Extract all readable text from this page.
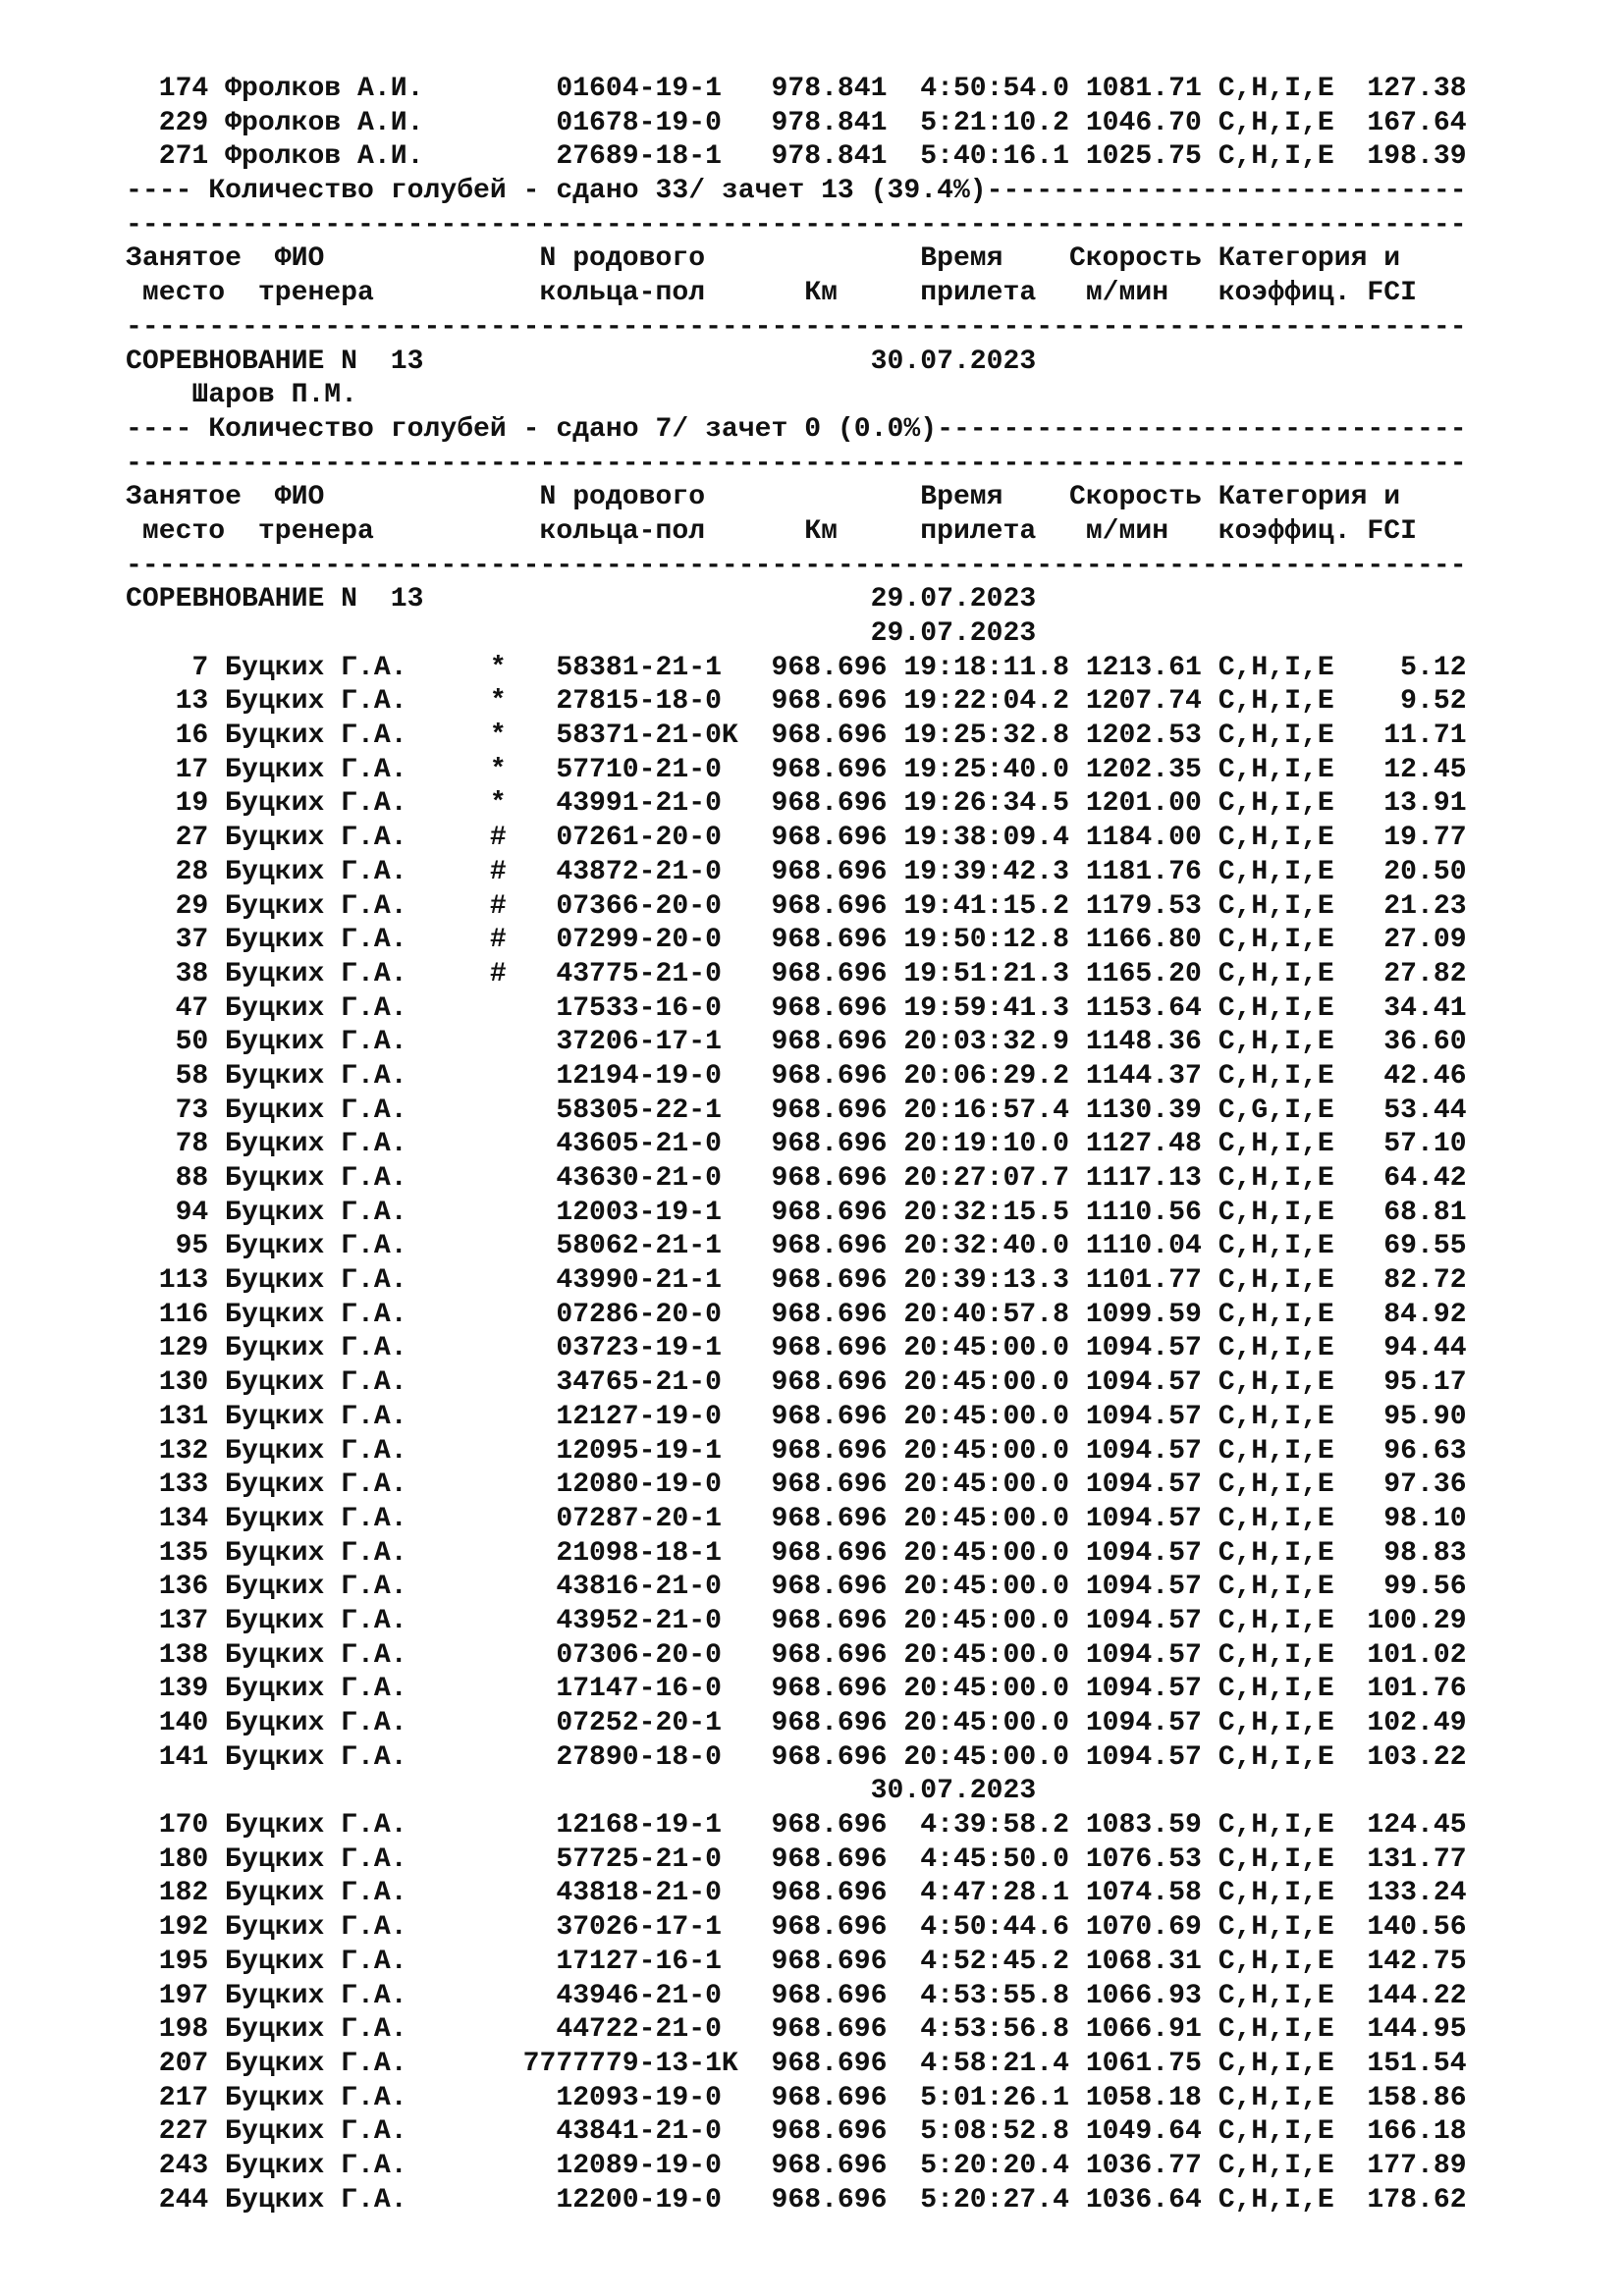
174 Фролков А.И.        01604-19-1   978.841  4:50:54.0 1081.71 C,H,I,E  127.38
229 Фролков А.И.        01678-19-0   978.841  5:21:10.2 1046.70 C,H,I,E  167.64
271 Фролков А.И.        27689-18-1   978.841  5:40:16.1 1025.75 C,H,I,E  198.39
---- Количество голубей - сдано 33/ зачет 13 (39.4%)-----------------------------
---------------------------------------------------------------------------------
Занятое  ФИО             N родового             Время    Скорость Категория и
место  тренера          кольца-пол      Км     прилета   м/мин   коэффиц. FCI
---------------------------------------------------------------------------------
СОРЕВНОВАНИЕ N  13                           30.07.2023
Шаров П.М.
---- Количество голубей - сдано 7/ зачет 0 (0.0%)--------------------------------
---------------------------------------------------------------------------------
Занятое  ФИО             N родового             Время    Скорость Категория и
место  тренера          кольца-пол      Км     прилета   м/мин   коэффиц. FCI
---------------------------------------------------------------------------------
СОРЕВНОВАНИЕ N  13                           29.07.2023
29.07.2023
7 Буцких Г.А.     *   58381-21-1   968.696 19:18:11.8 1213.61 C,H,I,E    5.12
13 Буцких Г.А.     *   27815-18-0   968.696 19:22:04.2 1207.74 C,H,I,E    9.52
16 Буцких Г.А.     *   58371-21-0K  968.696 19:25:32.8 1202.53 C,H,I,E   11.71
17 Буцких Г.А.     *   57710-21-0   968.696 19:25:40.0 1202.35 C,H,I,E   12.45
19 Буцких Г.А.     *   43991-21-0   968.696 19:26:34.5 1201.00 C,H,I,E   13.91
27 Буцких Г.А.     #   07261-20-0   968.696 19:38:09.4 1184.00 C,H,I,E   19.77
28 Буцких Г.А.     #   43872-21-0   968.696 19:39:42.3 1181.76 C,H,I,E   20.50
29 Буцких Г.А.     #   07366-20-0   968.696 19:41:15.2 1179.53 C,H,I,E   21.23
37 Буцких Г.А.     #   07299-20-0   968.696 19:50:12.8 1166.80 C,H,I,E   27.09
38 Буцких Г.А.     #   43775-21-0   968.696 19:51:21.3 1165.20 C,H,I,E   27.82
47 Буцких Г.А.         17533-16-0   968.696 19:59:41.3 1153.64 C,H,I,E   34.41
50 Буцких Г.А.         37206-17-1   968.696 20:03:32.9 1148.36 C,H,I,E   36.60
58 Буцких Г.А.         12194-19-0   968.696 20:06:29.2 1144.37 C,H,I,E   42.46
73 Буцких Г.А.         58305-22-1   968.696 20:16:57.4 1130.39 C,G,I,E   53.44
78 Буцких Г.А.         43605-21-0   968.696 20:19:10.0 1127.48 C,H,I,E   57.10
88 Буцких Г.А.         43630-21-0   968.696 20:27:07.7 1117.13 C,H,I,E   64.42
94 Буцких Г.А.         12003-19-1   968.696 20:32:15.5 1110.56 C,H,I,E   68.81
95 Буцких Г.А.         58062-21-1   968.696 20:32:40.0 1110.04 C,H,I,E   69.55
113 Буцких Г.А.         43990-21-1   968.696 20:39:13.3 1101.77 C,H,I,E   82.72
116 Буцких Г.А.         07286-20-0   968.696 20:40:57.8 1099.59 C,H,I,E   84.92
129 Буцких Г.А.         03723-19-1   968.696 20:45:00.0 1094.57 C,H,I,E   94.44
130 Буцких Г.А.         34765-21-0   968.696 20:45:00.0 1094.57 C,H,I,E   95.17
131 Буцких Г.А.         12127-19-0   968.696 20:45:00.0 1094.57 C,H,I,E   95.90
132 Буцких Г.А.         12095-19-1   968.696 20:45:00.0 1094.57 C,H,I,E   96.63
133 Буцких Г.А.         12080-19-0   968.696 20:45:00.0 1094.57 C,H,I,E   97.36
134 Буцких Г.А.         07287-20-1   968.696 20:45:00.0 1094.57 C,H,I,E   98.10
135 Буцких Г.А.         21098-18-1   968.696 20:45:00.0 1094.57 C,H,I,E   98.83
136 Буцких Г.А.         43816-21-0   968.696 20:45:00.0 1094.57 C,H,I,E   99.56
137 Буцких Г.А.         43952-21-0   968.696 20:45:00.0 1094.57 C,H,I,E  100.29
138 Буцких Г.А.         07306-20-0   968.696 20:45:00.0 1094.57 C,H,I,E  101.02
139 Буцких Г.А.         17147-16-0   968.696 20:45:00.0 1094.57 C,H,I,E  101.76
140 Буцких Г.А.         07252-20-1   968.696 20:45:00.0 1094.57 C,H,I,E  102.49
141 Буцких Г.А.         27890-18-0   968.696 20:45:00.0 1094.57 C,H,I,E  103.22
30.07.2023
170 Буцких Г.А.         12168-19-1   968.696  4:39:58.2 1083.59 C,H,I,E  124.45
180 Буцких Г.А.         57725-21-0   968.696  4:45:50.0 1076.53 C,H,I,E  131.77
182 Буцких Г.А.         43818-21-0   968.696  4:47:28.1 1074.58 C,H,I,E  133.24
192 Буцких Г.А.         37026-17-1   968.696  4:50:44.6 1070.69 C,H,I,E  140.56
195 Буцких Г.А.         17127-16-1   968.696  4:52:45.2 1068.31 C,H,I,E  142.75
197 Буцких Г.А.         43946-21-0   968.696  4:53:55.8 1066.93 C,H,I,E  144.22
198 Буцких Г.А.         44722-21-0   968.696  4:53:56.8 1066.91 C,H,I,E  144.95
207 Буцких Г.А.       7777779-13-1K  968.696  4:58:21.4 1061.75 C,H,I,E  151.54
217 Буцких Г.А.         12093-19-0   968.696  5:01:26.1 1058.18 C,H,I,E  158.86
227 Буцких Г.А.         43841-21-0   968.696  5:08:52.8 1049.64 C,H,I,E  166.18
243 Буцких Г.А.         12089-19-0   968.696  5:20:20.4 1036.77 C,H,I,E  177.89
244 Буцких Г.А.         12200-19-0   968.696  5:20:27.4 1036.64 C,H,I,E  178.62
